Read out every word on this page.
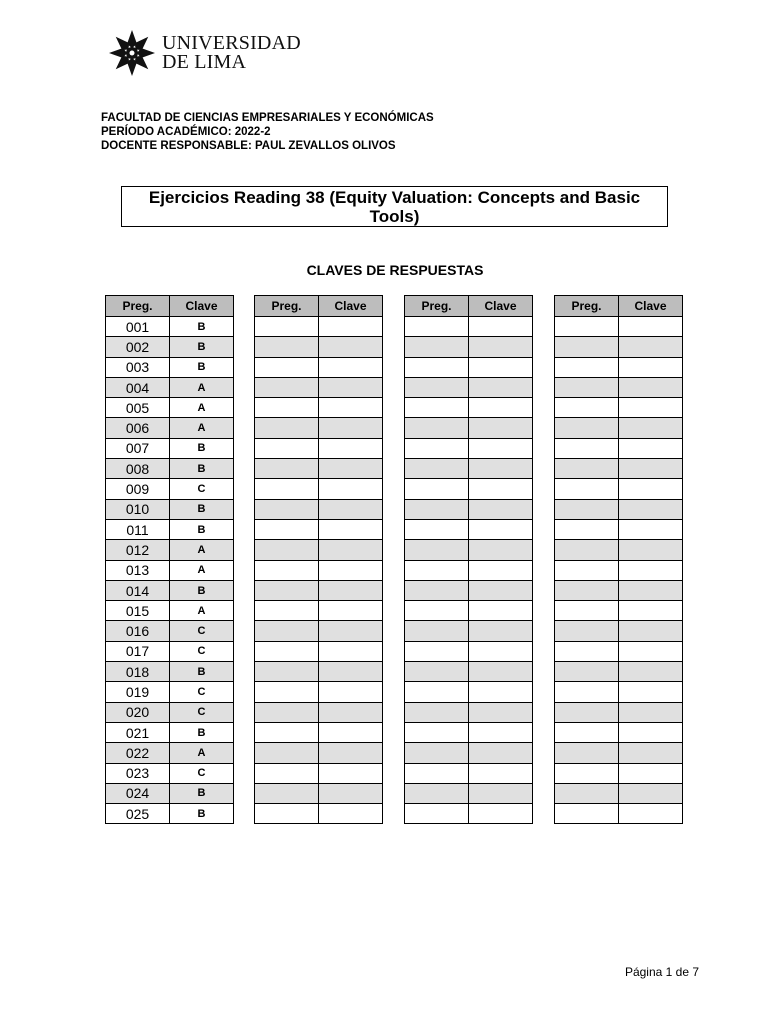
UNIVERSIDAD
DE LIMA
FACULTAD DE CIENCIAS EMPRESARIALES Y ECONÓMICAS
PERÍODO ACADÉMICO: 2022-2
DOCENTE RESPONSABLE: PAUL ZEVALLOS OLIVOS
Ejercicios Reading 38 (Equity Valuation: Concepts and Basic Tools)
CLAVES DE RESPUESTAS
Preg.	Clave
001	B
002	B
003	B
004	A
005	A
006	A
007	B
008	B
009	C
010	B
011	B
012	A
013	A
014	B
015	A
016	C
017	C
018	B
019	C
020	C
021	B
022	A
023	C
024	B
025	B
Preg.	Clave

		Preg.	Clave

		Preg.	Clave

Página 1 de 7
